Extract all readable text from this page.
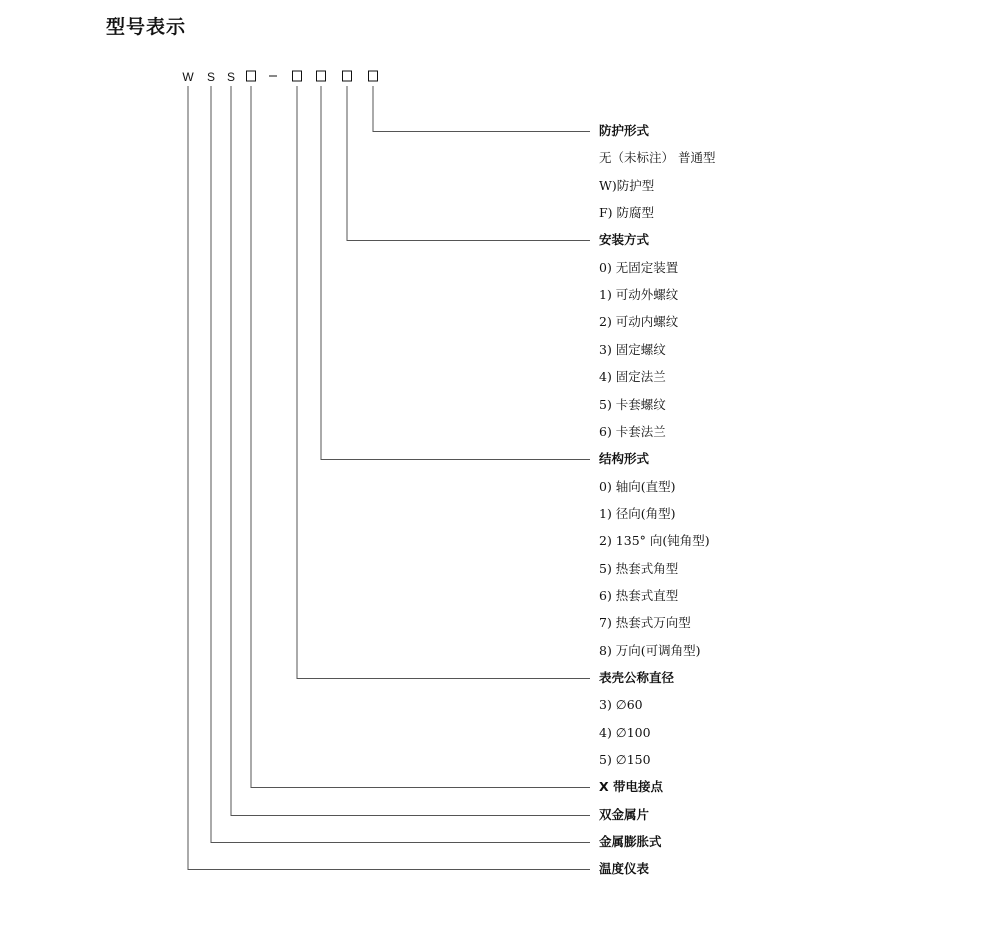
型号表示
W S S
防护形式
无（未标注） 普通型
W)防护型
F) 防腐型
安装方式
0) 无固定装置
1) 可动外螺纹
2) 可动内螺纹
3) 固定螺纹
4) 固定法兰
5) 卡套螺纹
6) 卡套法兰
结构形式
0) 轴向(直型)
1) 径向(角型)
2) 135° 向(钝角型)
5) 热套式角型
6) 热套式直型
7) 热套式万向型
8) 万向(可调角型)
表壳公称直径
3) ∅60
4) ∅100
5) ∅150
X 带电接点
双金属片
金属膨胀式
温度仪表
